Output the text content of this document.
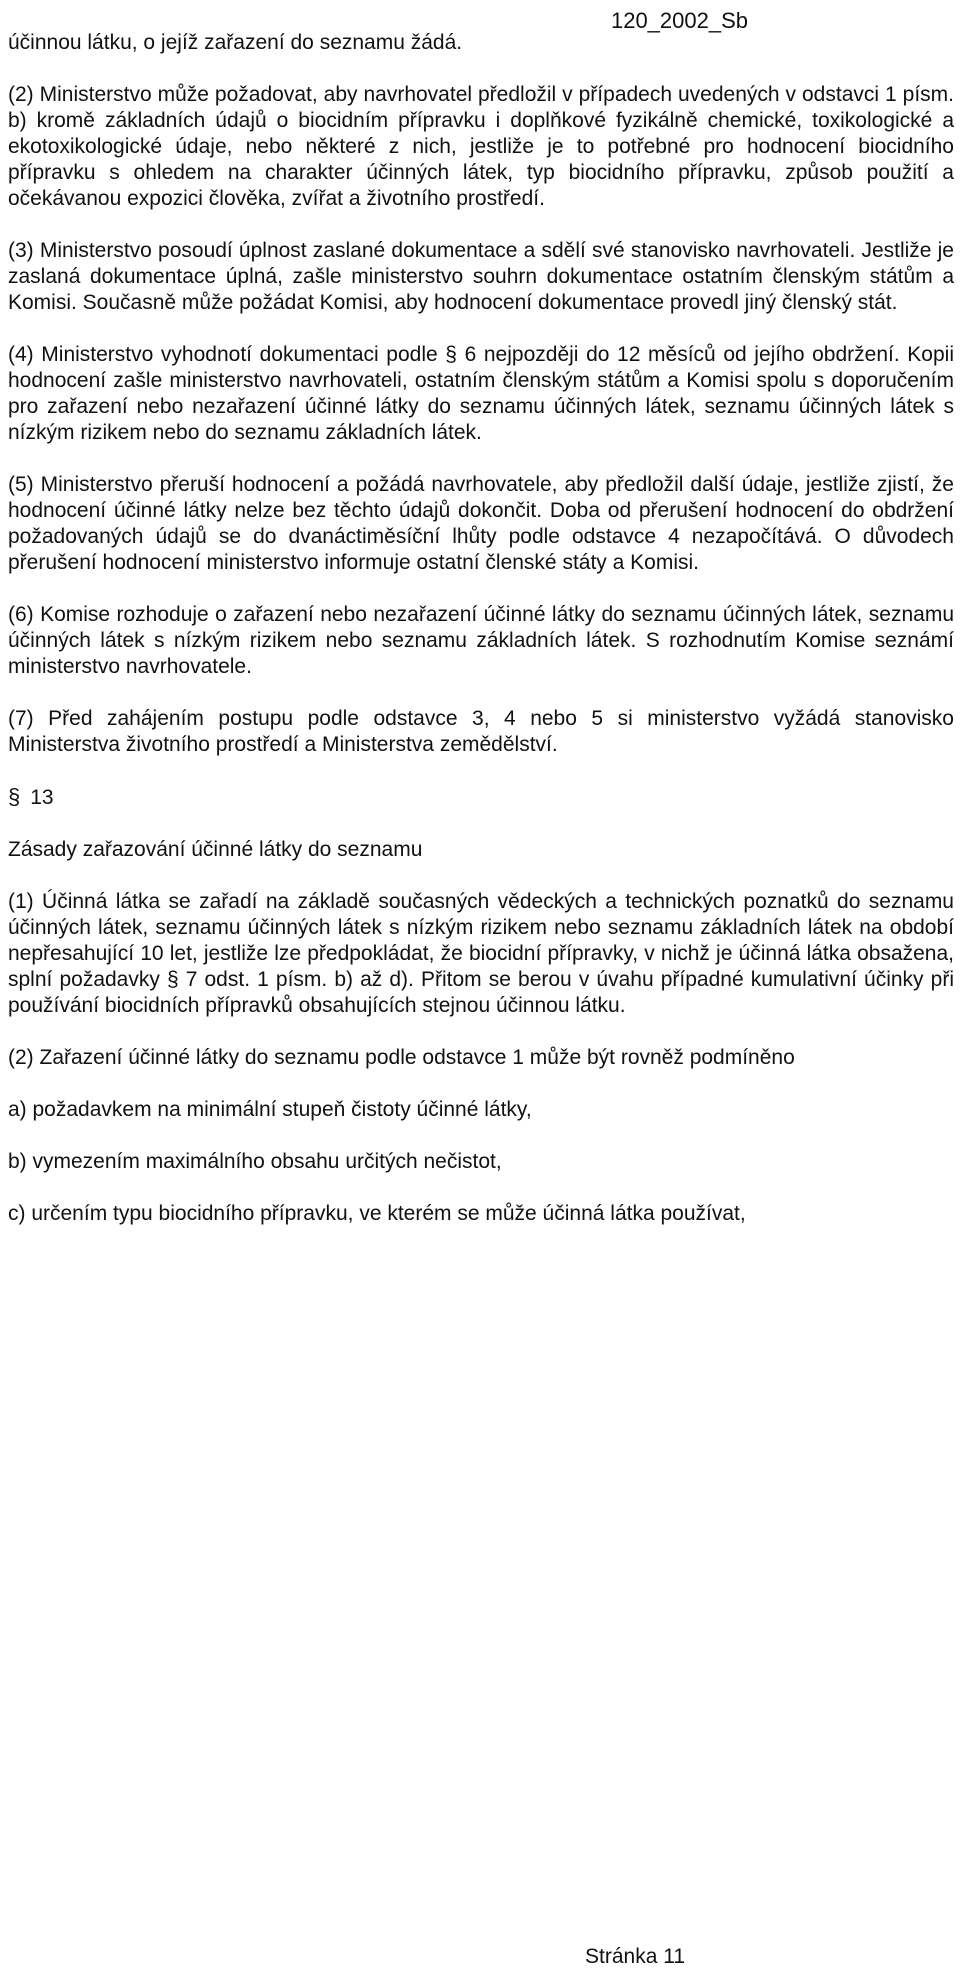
120_2002_Sb

účinnou látku, o jejíž zařazení do seznamu žádá.

(2) Ministerstvo může požadovat, aby navrhovatel předložil v případech uvedených v odstavci 1 písm. b) kromě základních údajů o biocidním přípravku i doplňkové fyzikálně chemické, toxikologické a ekotoxikologické údaje, nebo některé z nich, jestliže je to potřebné pro hodnocení biocidního přípravku s ohledem na charakter účinných látek, typ biocidního přípravku, způsob použití a očekávanou expozici člověka, zvířat a životního prostředí.

(3) Ministerstvo posoudí úplnost zaslané dokumentace a sdělí své stanovisko navrhovateli. Jestliže je zaslaná dokumentace úplná, zašle ministerstvo souhrn dokumentace ostatním členským státům a Komisi. Současně může požádat Komisi, aby hodnocení dokumentace provedl jiný členský stát.

(4) Ministerstvo vyhodnotí dokumentaci podle § 6 nejpozději do 12 měsíců od jejího obdržení. Kopii hodnocení zašle ministerstvo navrhovateli, ostatním členským státům a Komisi spolu s doporučením pro zařazení nebo nezařazení účinné látky do seznamu účinných látek, seznamu účinných látek s nízkým rizikem nebo do seznamu základních látek.

(5) Ministerstvo přeruší hodnocení a požádá navrhovatele, aby předložil další údaje, jestliže zjistí, že hodnocení účinné látky nelze bez těchto údajů dokončit. Doba od přerušení hodnocení do obdržení požadovaných údajů se do dvanáctiměsíční lhůty podle odstavce 4 nezapočítává. O důvodech přerušení hodnocení ministerstvo informuje ostatní členské státy a Komisi.

(6) Komise rozhoduje o zařazení nebo nezařazení účinné látky do seznamu účinných látek, seznamu účinných látek s nízkým rizikem nebo seznamu základních látek. S rozhodnutím Komise seznámí ministerstvo navrhovatele.

(7) Před zahájením postupu podle odstavce 3, 4 nebo 5 si ministerstvo vyžádá stanovisko Ministerstva životního prostředí a Ministerstva zemědělství.

§ 13

Zásady zařazování účinné látky do seznamu

(1) Účinná látka se zařadí na základě současných vědeckých a technických poznatků do seznamu účinných látek, seznamu účinných látek s nízkým rizikem nebo seznamu základních látek na období nepřesahující 10 let, jestliže lze předpokládat, že biocidní přípravky, v nichž je účinná látka obsažena, splní požadavky § 7 odst. 1 písm. b) až d). Přitom se berou v úvahu případné kumulativní účinky při používání biocidních přípravků obsahujících stejnou účinnou látku.

(2) Zařazení účinné látky do seznamu podle odstavce 1 může být rovněž podmíněno

a) požadavkem na minimální stupeň čistoty účinné látky,

b) vymezením maximálního obsahu určitých nečistot,

c) určením typu biocidního přípravku, ve kterém se může účinná látka používat,

Stránka 11
